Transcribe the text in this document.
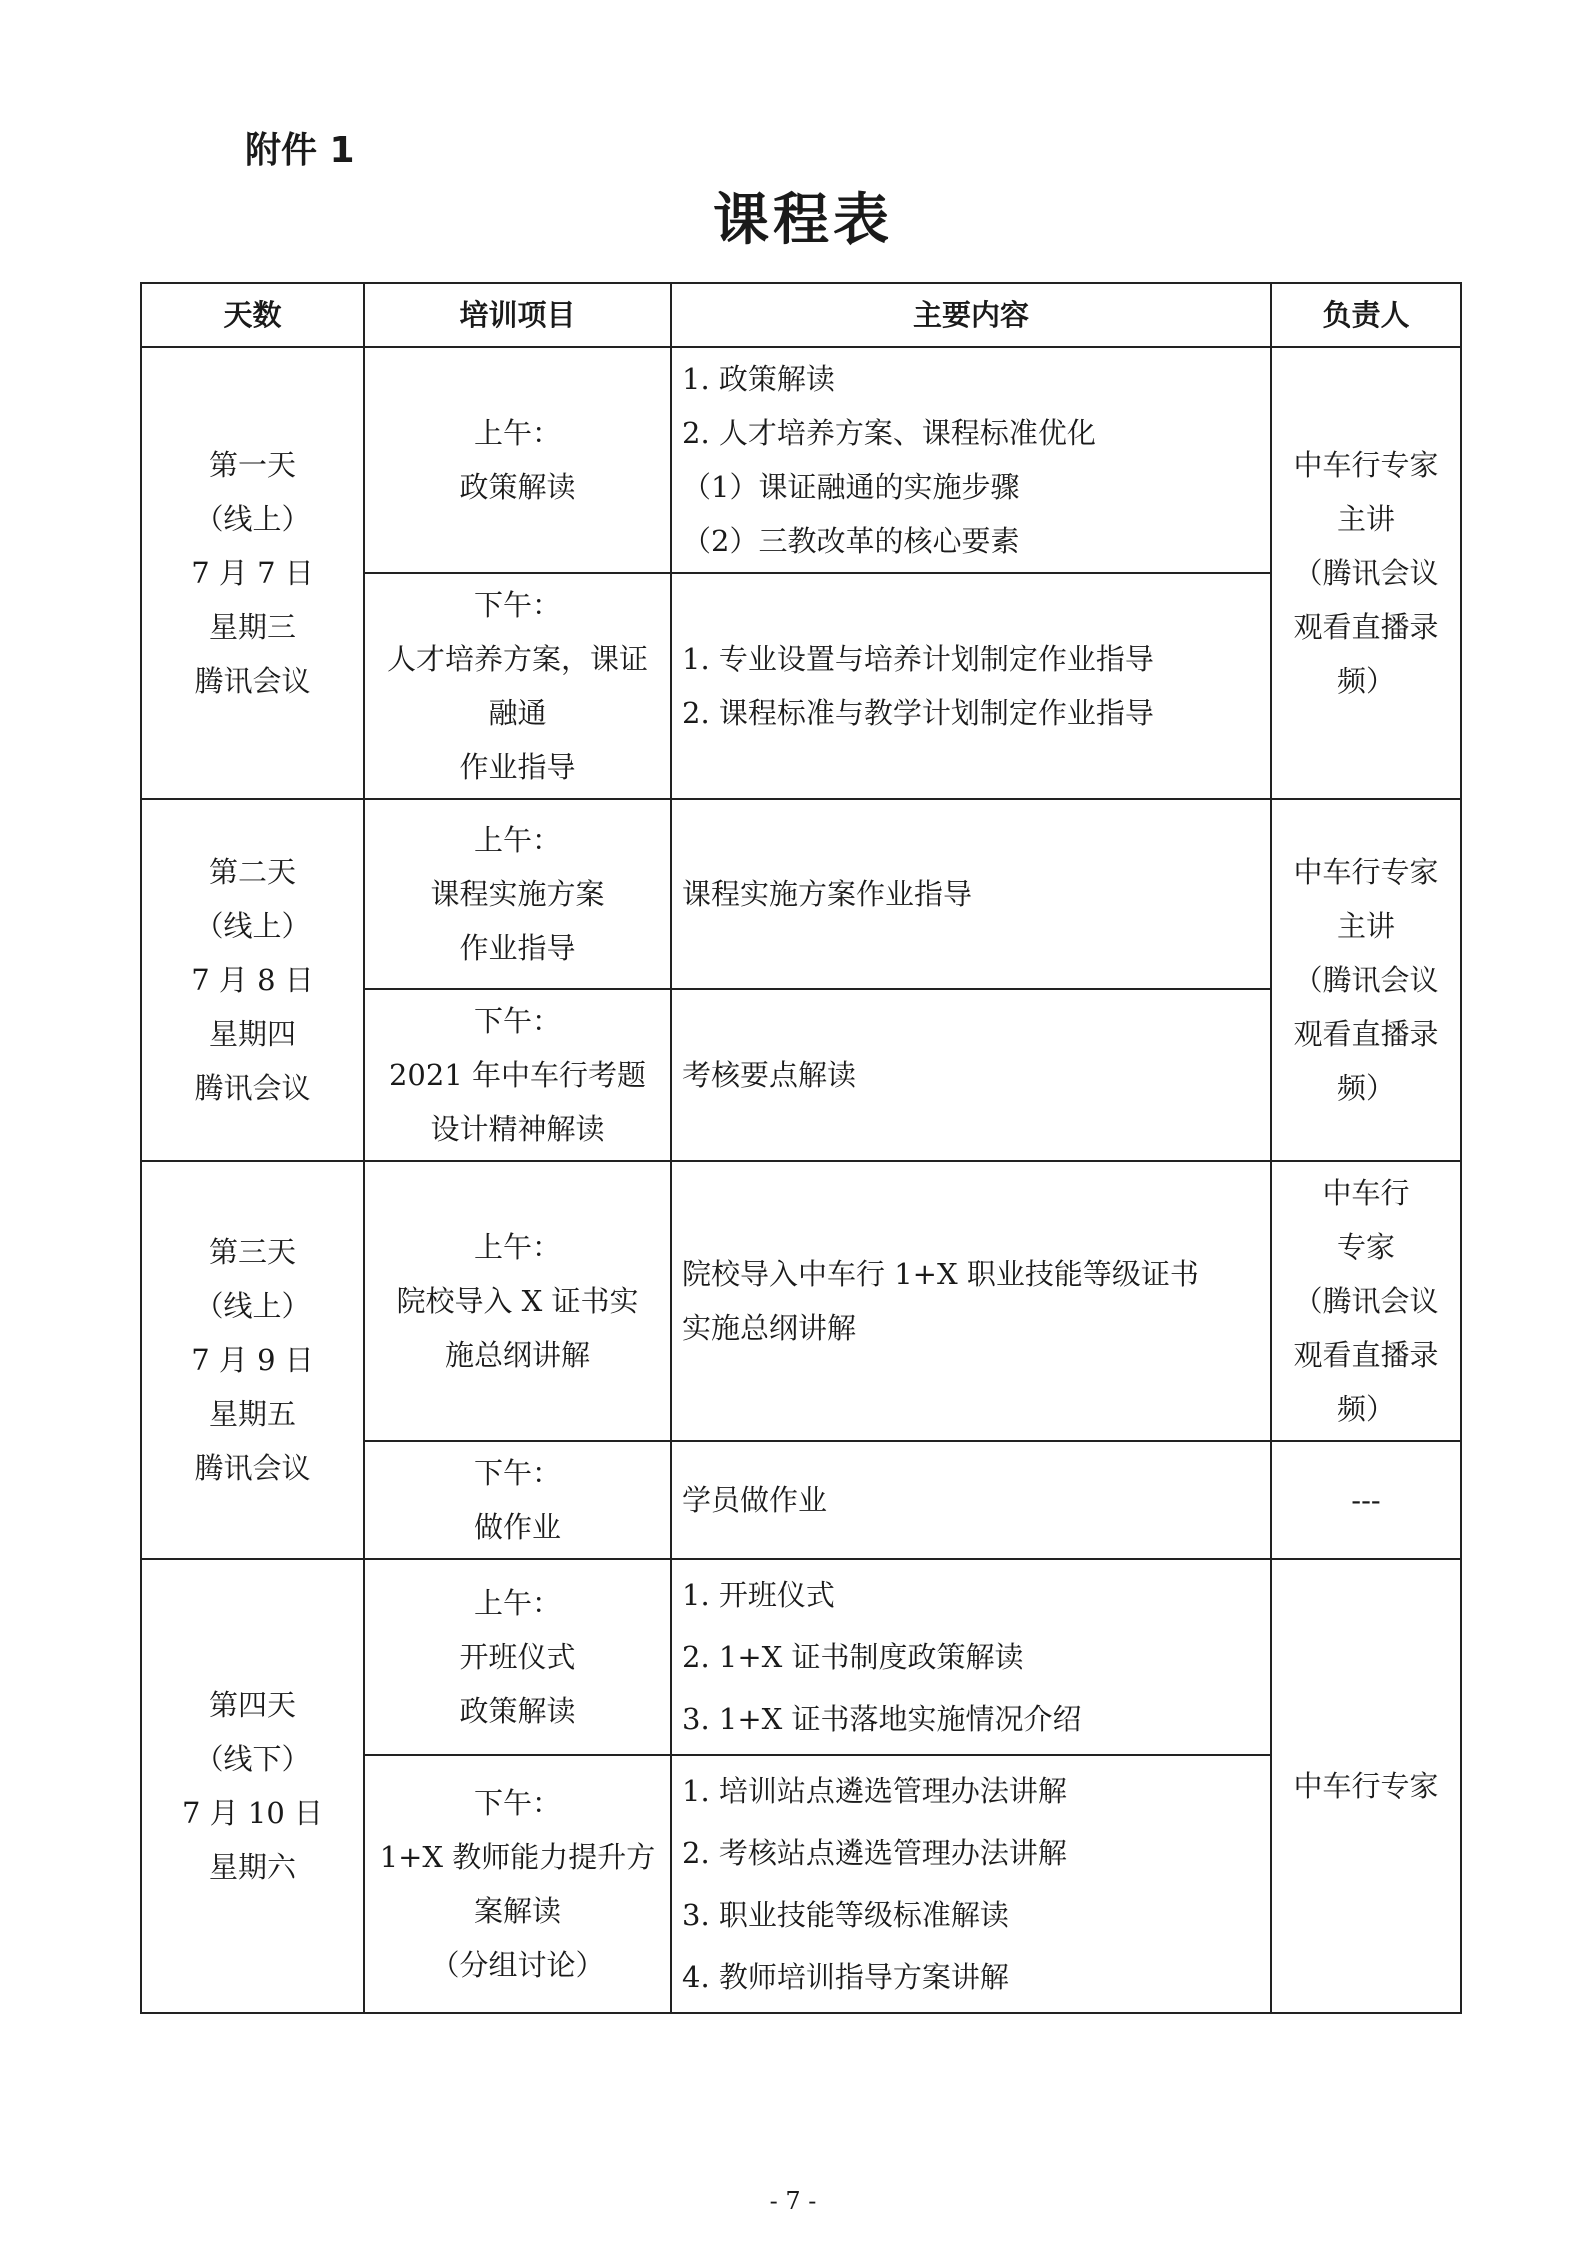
附件 1
课程表
天数	培训项目	主要内容	负责人

第一天
（线上）
7 月 7 日
星期三
腾讯会议	上午：
政策解读	1. 政策解读
2. 人才培养方案、课程标准优化
（1）课证融通的实施步骤
（2）三教改革的核心要素	中车行专家
主讲
（腾讯会议
观看直播录
频）

	下午：
人才培养方案，课证
融通
作业指导	1. 专业设置与培养计划制定作业指导
2. 课程标准与教学计划制定作业指导	

第二天
（线上）
7 月 8 日
星期四
腾讯会议	上午：
课程实施方案
作业指导	课程实施方案作业指导	中车行专家
主讲
（腾讯会议
观看直播录
频）

	下午：
2021 年中车行考题
设计精神解读	考核要点解读	

第三天
（线上）
7 月 9 日
星期五
腾讯会议	上午：
院校导入 X 证书实
施总纲讲解	院校导入中车行 1+X 职业技能等级证书
实施总纲讲解	中车行
专家
（腾讯会议
观看直播录
频）

	下午：
做作业	学员做作业	---

第四天
（线下）
7 月 10 日
星期六	上午：
开班仪式
政策解读	1. 开班仪式
2. 1+X 证书制度政策解读
3. 1+X 证书落地实施情况介绍	中车行专家

	下午：
1+X 教师能力提升方
案解读
（分组讨论）	1. 培训站点遴选管理办法讲解
2. 考核站点遴选管理办法讲解
3. 职业技能等级标准解读
4. 教师培训指导方案讲解	
- 7 -
